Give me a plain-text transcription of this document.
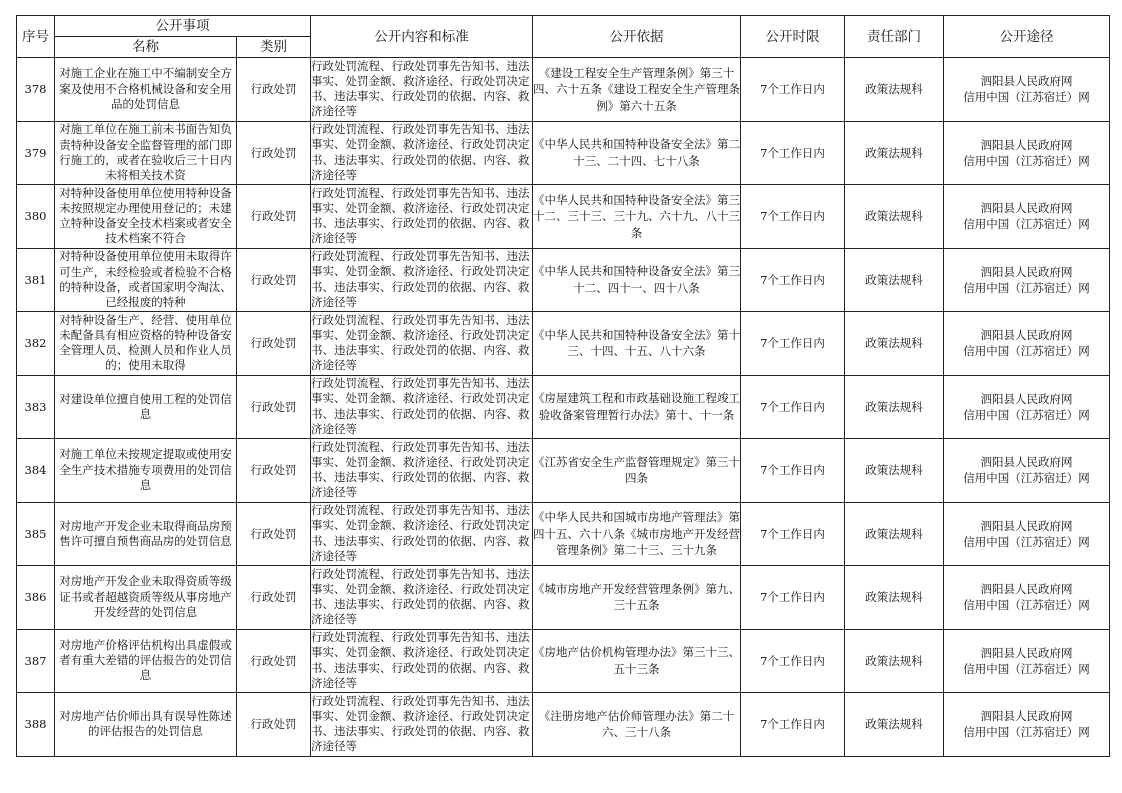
序号	公开事项		公开内容和标准	公开依据	公开时限	责任部门	公开途径
	名称	类别					
378	对施工企业在施工中不编制安全方案及使用不合格机械设备和安全用品的处罚信息	行政处罚	行政处罚流程、行政处罚事先告知书、违法事实、处罚金额、救济途径、行政处罚决定书、违法事实、行政处罚的依据、内容、救济途径等	《建设工程安全生产管理条例》第三十四、六十五条《建设工程安全生产管理条例》第六十五条	7个工作日内	政策法规科	泗阳县人民政府网
信用中国（江苏宿迁）网

379	对施工单位在施工前未书面告知负责特种设备安全监督管理的部门即行施工的，或者在验收后三十日内未将相关技术资	行政处罚	行政处罚流程、行政处罚事先告知书、违法事实、处罚金额、救济途径、行政处罚决定书、违法事实、行政处罚的依据、内容、救济途径等	《中华人民共和国特种设备安全法》第二十三、二十四、七十八条	7个工作日内	政策法规科	泗阳县人民政府网
信用中国（江苏宿迁）网

380	对特种设备使用单位使用特种设备未按照规定办理使用登记的；未建立特种设备安全技术档案或者安全技术档案不符合	行政处罚	行政处罚流程、行政处罚事先告知书、违法事实、处罚金额、救济途径、行政处罚决定书、违法事实、行政处罚的依据、内容、救济途径等	《中华人民共和国特种设备安全法》第三十二、三十三、三十九、六十九、八十三条	7个工作日内	政策法规科	泗阳县人民政府网
信用中国（江苏宿迁）网

381	对特种设备使用单位使用未取得许可生产，未经检验或者检验不合格的特种设备，或者国家明令淘汰、已经报废的特种	行政处罚	行政处罚流程、行政处罚事先告知书、违法事实、处罚金额、救济途径、行政处罚决定书、违法事实、行政处罚的依据、内容、救济途径等	《中华人民共和国特种设备安全法》第三十二、四十一、四十八条	7个工作日内	政策法规科	泗阳县人民政府网
信用中国（江苏宿迁）网

382	对特种设备生产、经营、使用单位未配备具有相应资格的特种设备安全管理人员、检测人员和作业人员的；使用未取得	行政处罚	行政处罚流程、行政处罚事先告知书、违法事实、处罚金额、救济途径、行政处罚决定书、违法事实、行政处罚的依据、内容、救济途径等	《中华人民共和国特种设备安全法》第十三、十四、十五、八十六条	7个工作日内	政策法规科	泗阳县人民政府网
信用中国（江苏宿迁）网

383	对建设单位擅自使用工程的处罚信息	行政处罚	行政处罚流程、行政处罚事先告知书、违法事实、处罚金额、救济途径、行政处罚决定书、违法事实、行政处罚的依据、内容、救济途径等	《房屋建筑工程和市政基础设施工程竣工验收备案管理暂行办法》第十、十一条	7个工作日内	政策法规科	泗阳县人民政府网
信用中国（江苏宿迁）网

384	对施工单位未按规定提取或使用安全生产技术措施专项费用的处罚信息	行政处罚	行政处罚流程、行政处罚事先告知书、违法事实、处罚金额、救济途径、行政处罚决定书、违法事实、行政处罚的依据、内容、救济途径等	《江苏省安全生产监督管理规定》第三十四条	7个工作日内	政策法规科	泗阳县人民政府网
信用中国（江苏宿迁）网

385	对房地产开发企业未取得商品房预售许可擅自预售商品房的处罚信息	行政处罚	行政处罚流程、行政处罚事先告知书、违法事实、处罚金额、救济途径、行政处罚决定书、违法事实、行政处罚的依据、内容、救济途径等	《中华人民共和国城市房地产管理法》第四十五、六十八条《城市房地产开发经营管理条例》第二十三、三十九条	7个工作日内	政策法规科	泗阳县人民政府网
信用中国（江苏宿迁）网

386	对房地产开发企业未取得资质等级证书或者超越资质等级从事房地产开发经营的处罚信息	行政处罚	行政处罚流程、行政处罚事先告知书、违法事实、处罚金额、救济途径、行政处罚决定书、违法事实、行政处罚的依据、内容、救济途径等	《城市房地产开发经营管理条例》第九、三十五条	7个工作日内	政策法规科	泗阳县人民政府网
信用中国（江苏宿迁）网

387	对房地产价格评估机构出具虚假或者有重大差错的评估报告的处罚信息	行政处罚	行政处罚流程、行政处罚事先告知书、违法事实、处罚金额、救济途径、行政处罚决定书、违法事实、行政处罚的依据、内容、救济途径等	《房地产估价机构管理办法》第三十三、五十三条	7个工作日内	政策法规科	泗阳县人民政府网
信用中国（江苏宿迁）网

388	对房地产估价师出具有误导性陈述的评估报告的处罚信息	行政处罚	行政处罚流程、行政处罚事先告知书、违法事实、处罚金额、救济途径、行政处罚决定书、违法事实、行政处罚的依据、内容、救济途径等	《注册房地产估价师管理办法》第二十六、三十八条	7个工作日内	政策法规科	泗阳县人民政府网
信用中国（江苏宿迁）网
